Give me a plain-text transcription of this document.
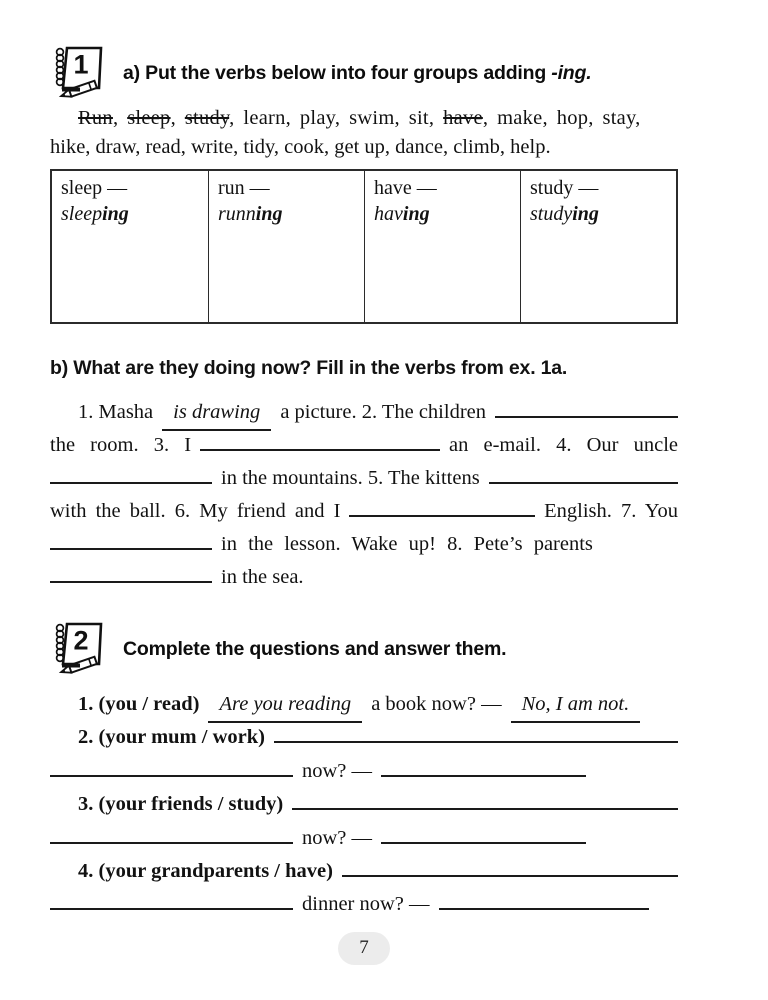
1 a) Put the verbs below into four groups adding -ing.
Run, sleep, study, learn, play, swim, sit, have, make, hop, stay,
hike, draw, read, write, tidy, cook, get up, dance, climb, help.
sleep —
sleeping
run —
running
have —
having
study —
studying
b) What are they doing now? Fill in the verbs from ex. 1a.
1. Masha is drawing a picture. 2. The children
the room. 3. I	an e-mail. 4. Our uncle
in the mountains. 5. The kittens
with the ball. 6. My friend and I	English. 7. You
in the lesson. Wake up! 8. Pete’s parents
in the sea.
2 Complete the questions and answer them.
1. (you / read) Are you reading a book now? — No, I am not.
2. (your mum / work)
now? —
3. (your friends / study)
now? —
4. (your grandparents / have)
dinner now? —
7
